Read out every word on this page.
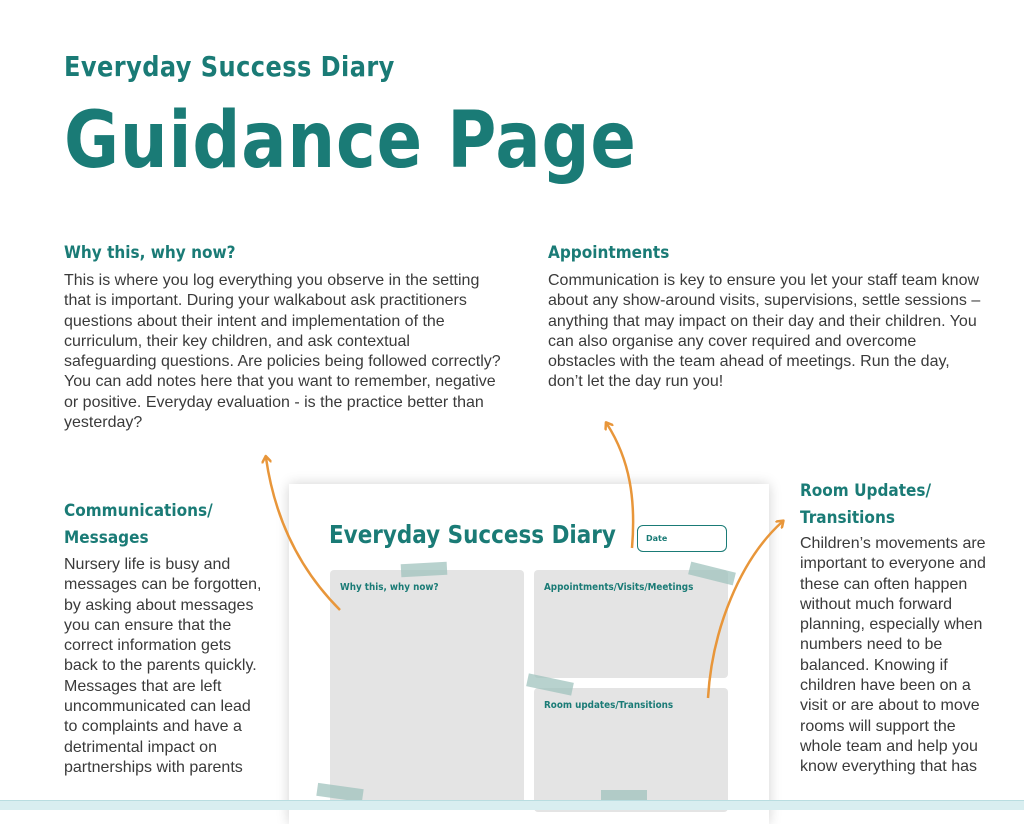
Everyday Success Diary
Guidance Page
Why this, why now?

This is where you log everything you observe in the setting that is important. During your walkabout ask practitioners questions about their intent and implementation of the curriculum, their key children, and ask contextual safeguarding questions. Are policies being followed correctly? You can add notes here that you want to remember, negative or positive. Everyday evaluation - is the practice better than yesterday?

Appointments

Communication is key to ensure you let your staff team know about any show-around visits, supervisions, settle sessions – anything that may impact on their day and their children. You can also organise any cover required and overcome obstacles with the team ahead of meetings. Run the day, don’t let the day run you!

Communications/ Messages

Nursery life is busy and messages can be forgotten, by asking about messages you can ensure that the correct information gets back to the parents quickly. Messages that are left uncommunicated can lead to complaints and have a detrimental impact on partnerships with parents

Room Updates/ Transitions

Children’s movements are important to everyone and these can often happen without much forward planning, especially when numbers need to be balanced. Knowing if children have been on a visit or are about to move rooms will support the whole team and help you know everything that has

Everyday Success Diary	Date
Why this, why now?	Appointments/Visits/Meetings
Room updates/Transitions
